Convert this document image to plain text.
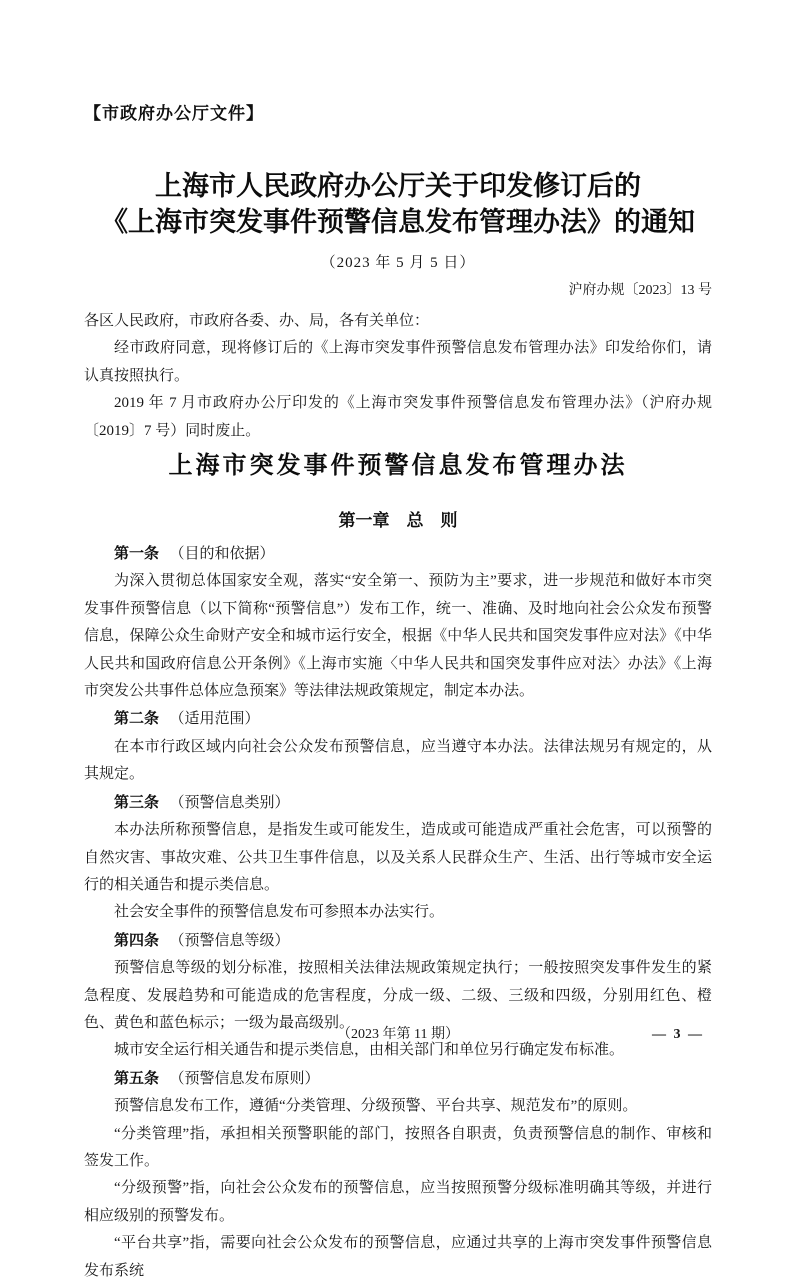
【市政府办公厅文件】
上海市人民政府办公厅关于印发修订后的
《上海市突发事件预警信息发布管理办法》的通知
（2023 年 5 月 5 日）
沪府办规〔2023〕13 号

各区人民政府，市政府各委、办、局，各有关单位：

经市政府同意，现将修订后的《上海市突发事件预警信息发布管理办法》印发给你们，请认真按照执行。

2019 年 7 月市政府办公厅印发的《上海市突发事件预警信息发布管理办法》（沪府办规〔2019〕7 号）同时废止。

上海市突发事件预警信息发布管理办法
第一章　总　则

第一条 （目的和依据）

为深入贯彻总体国家安全观，落实“安全第一、预防为主”要求，进一步规范和做好本市突发事件预警信息（以下简称“预警信息”）发布工作，统一、准确、及时地向社会公众发布预警信息，保障公众生命财产安全和城市运行安全，根据《中华人民共和国突发事件应对法》《中华人民共和国政府信息公开条例》《上海市实施〈中华人民共和国突发事件应对法〉办法》《上海市突发公共事件总体应急预案》等法律法规政策规定，制定本办法。

第二条 （适用范围）

在本市行政区域内向社会公众发布预警信息，应当遵守本办法。法律法规另有规定的，从其规定。

第三条 （预警信息类别）

本办法所称预警信息，是指发生或可能发生，造成或可能造成严重社会危害，可以预警的自然灾害、事故灾难、公共卫生事件信息，以及关系人民群众生产、生活、出行等城市安全运行的相关通告和提示类信息。

社会安全事件的预警信息发布可参照本办法实行。

第四条 （预警信息等级）

预警信息等级的划分标准，按照相关法律法规政策规定执行；一般按照突发事件发生的紧急程度、发展趋势和可能造成的危害程度，分成一级、二级、三级和四级，分别用红色、橙色、黄色和蓝色标示；一级为最高级别。

城市安全运行相关通告和提示类信息，由相关部门和单位另行确定发布标准。

第五条 （预警信息发布原则）

预警信息发布工作，遵循“分类管理、分级预警、平台共享、规范发布”的原则。

“分类管理”指，承担相关预警职能的部门，按照各自职责，负责预警信息的制作、审核和签发工作。

“分级预警”指，向社会公众发布的预警信息，应当按照预警分级标准明确其等级，并进行相应级别的预警发布。

“平台共享”指，需要向社会公众发布的预警信息，应通过共享的上海市突发事件预警信息发布系统

（2023 年第 11 期）	— 3 —
